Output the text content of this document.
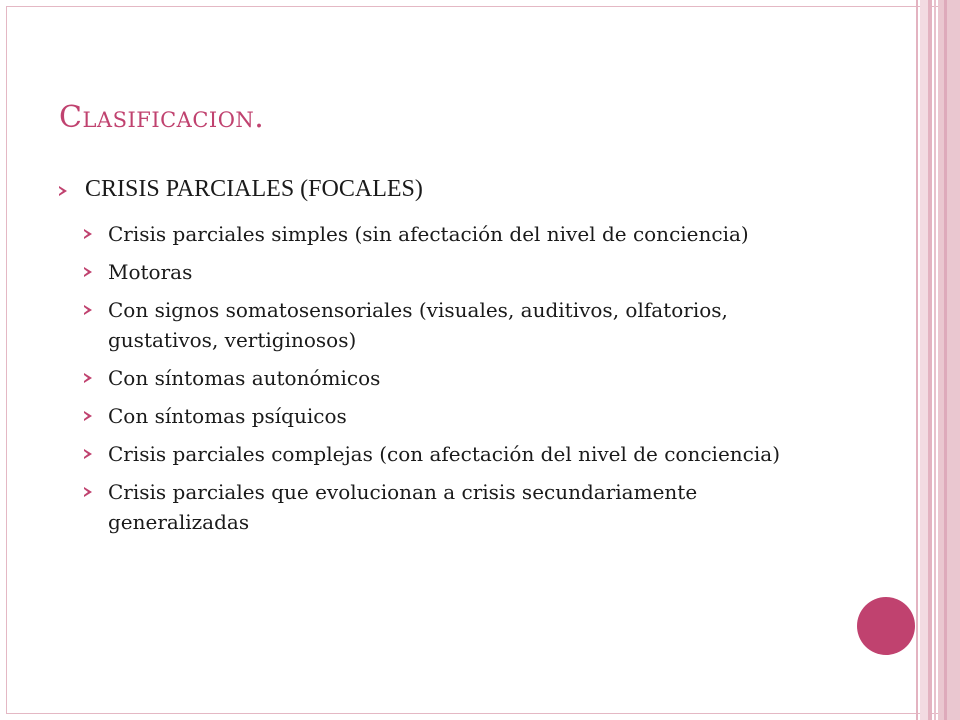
Clasificacion.
CRISIS PARCIALES (FOCALES)
Crisis parciales simples (sin afectación del nivel de conciencia)
Motoras
Con signos somatosensoriales (visuales, auditivos, olfatorios, gustativos, vertiginosos)
Con síntomas autonómicos
Con síntomas psíquicos
Crisis parciales complejas (con afectación del nivel de conciencia)
Crisis parciales que evolucionan a crisis secundariamente generalizadas
